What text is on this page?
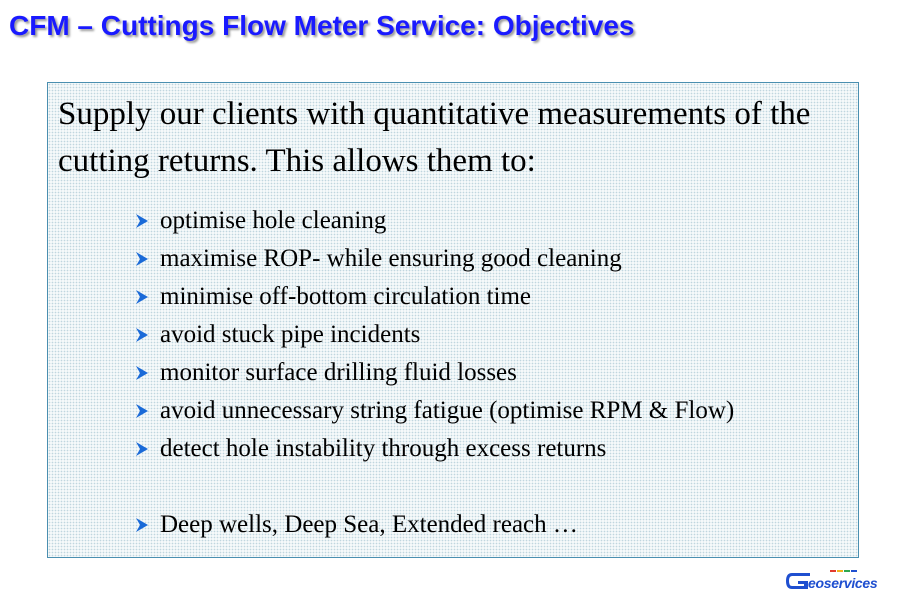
CFM – Cuttings Flow Meter Service: Objectives

Supply our clients with quantitative measurements of the cutting returns. This allows them to:

optimise hole cleaning
maximise ROP- while ensuring good cleaning
minimise off-bottom circulation time
avoid stuck pipe incidents
monitor surface drilling fluid losses
avoid unnecessary string fatigue (optimise RPM & Flow)
detect hole instability through excess returns
Deep wells, Deep Sea, Extended reach …
eoservices
